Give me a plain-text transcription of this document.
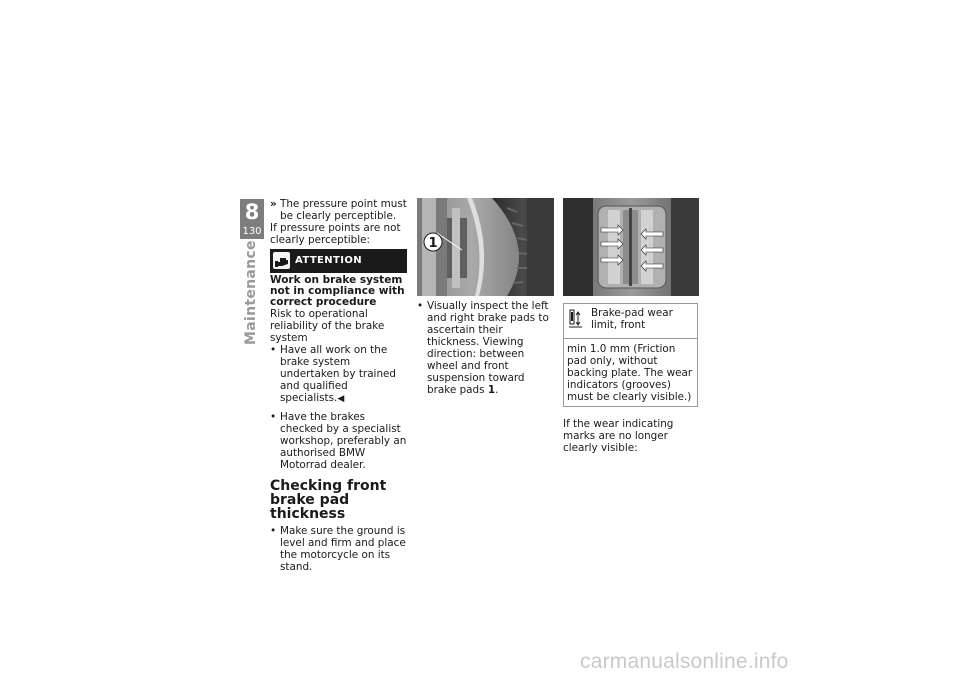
8
130
Maintenance

» The pressure point must be clearly perceptible.

If pressure points are not clearly perceptible:

ATTENTION

Work on brake system not in compliance with correct procedure

Risk to operational reliability of the brake system

• Have all work on the brake system undertaken by trained and qualified specialists.◀
• Have the brakes checked by a specialist workshop, preferably an authorised BMW Motorrad dealer.
Checking front brake pad thickness
• Make sure the ground is level and firm and place the motorcycle on its stand.
1
• Visually inspect the left and right brake pads to ascertain their thickness. Viewing direction: between wheel and front suspension toward brake pads 1.
Brake-pad wear limit, front
min 1.0 mm (Friction pad only, without backing plate. The wear indicators (grooves) must be clearly visible.)

If the wear indicating marks are no longer clearly visible:

carmanualsonline.info
